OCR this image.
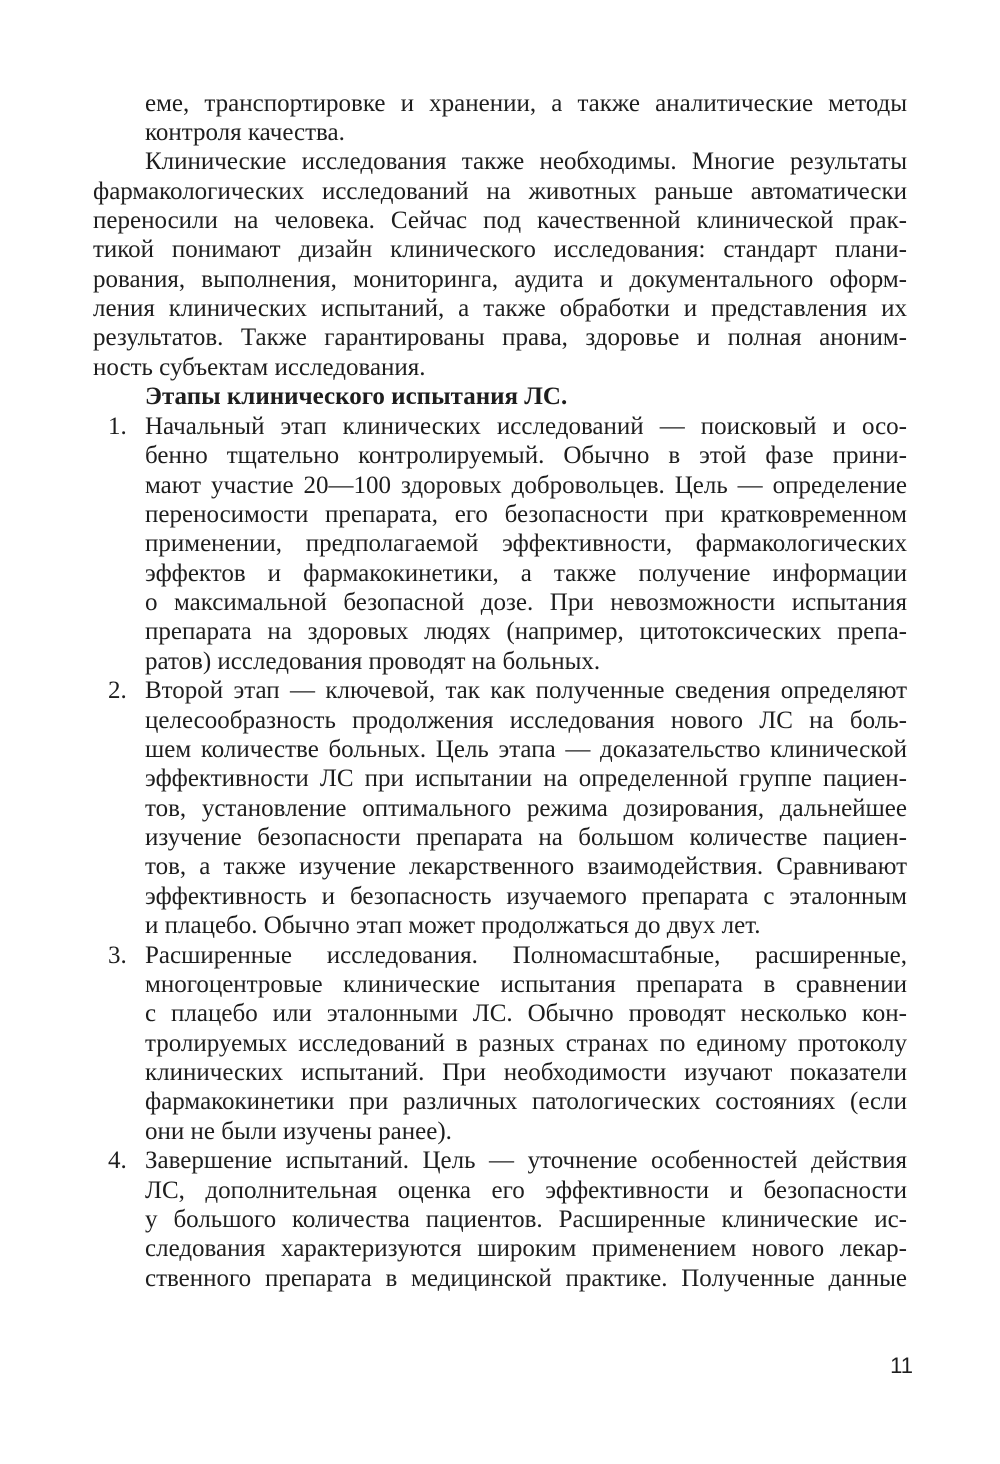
еме, транспортировке и хранении, а также аналитические методы
контроля качества.
Клинические исследования также необходимы. Многие результаты
фармакологических исследований на животных раньше автоматически
переносили на человека. Сейчас под качественной клинической прак-
тикой понимают дизайн клинического исследования: стандарт плани-
рования, выполнения, мониторинга, аудита и документального оформ-
ления клинических испытаний, а также обработки и представления их
результатов. Также гарантированы права, здоровье и полная аноним-
ность субъектам исследования.
Этапы клинического испытания ЛС.
1. Начальный этап клинических исследований — поисковый и осо-
бенно тщательно контролируемый. Обычно в этой фазе прини-
мают участие 20—100 здоровых добровольцев. Цель — определение
переносимости препарата, его безопасности при кратковременном
применении, предполагаемой эффективности, фармакологических
эффектов и фармакокинетики, а также получение информации
о максимальной безопасной дозе. При невозможности испытания
препарата на здоровых людях (например, цитотоксических препа-
ратов) исследования проводят на больных.
2. Второй этап — ключевой, так как полученные сведения определяют
целесообразность продолжения исследования нового ЛС на боль-
шем количестве больных. Цель этапа — доказательство клинической
эффективности ЛС при испытании на определенной группе пациен-
тов, установление оптимального режима дозирования, дальнейшее
изучение безопасности препарата на большом количестве пациен-
тов, а также изучение лекарственного взаимодействия. Сравнивают
эффективность и безопасность изучаемого препарата с эталонным
и плацебо. Обычно этап может продолжаться до двух лет.
3. Расширенные исследования. Полномасштабные, расширенные,
многоцентровые клинические испытания препарата в сравнении
с плацебо или эталонными ЛС. Обычно проводят несколько кон-
тролируемых исследований в разных странах по единому протоколу
клинических испытаний. При необходимости изучают показатели
фармакокинетики при различных патологических состояниях (если
они не были изучены ранее).
4. Завершение испытаний. Цель — уточнение особенностей действия
ЛС, дополнительная оценка его эффективности и безопасности
у большого количества пациентов. Расширенные клинические ис-
следования характеризуются широким применением нового лекар-
ственного препарата в медицинской практике. Полученные данные
11
